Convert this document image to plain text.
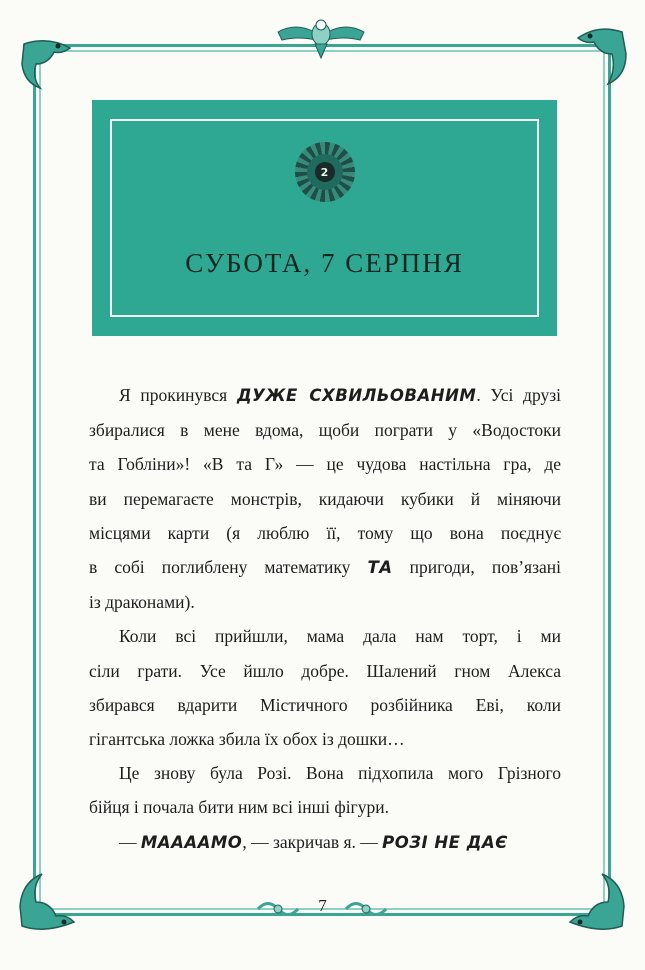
2
СУБОТА, 7 СЕРПНЯ

Я прокинувся ДУЖЕ СХВИЛЬОВАНИМ. Усі друзі

збиралися в мене вдома, щоби пограти у «Водостоки

та Гобліни»! «В та Г» — це чудова настільна гра, де

ви перемагаєте монстрів, кидаючи кубики й міняючи

місцями карти (я люблю її, тому що вона поєднує

в собі поглиблену математику ТА пригоди, пов’язані

із драконами).

Коли всі прийшли, мама дала нам торт, і ми

сіли грати. Усе йшло добре. Шалений гном Алекса

збирався вдарити Містичного розбійника Еві, коли

гігантська ложка збила їх обох із дошки…

Це знову була Розі. Вона підхопила мого Грізного

бійця і почала бити ним всі інші фігури.

— МААААМО, — закричав я. — РОЗІ НЕ ДАЄ

7
